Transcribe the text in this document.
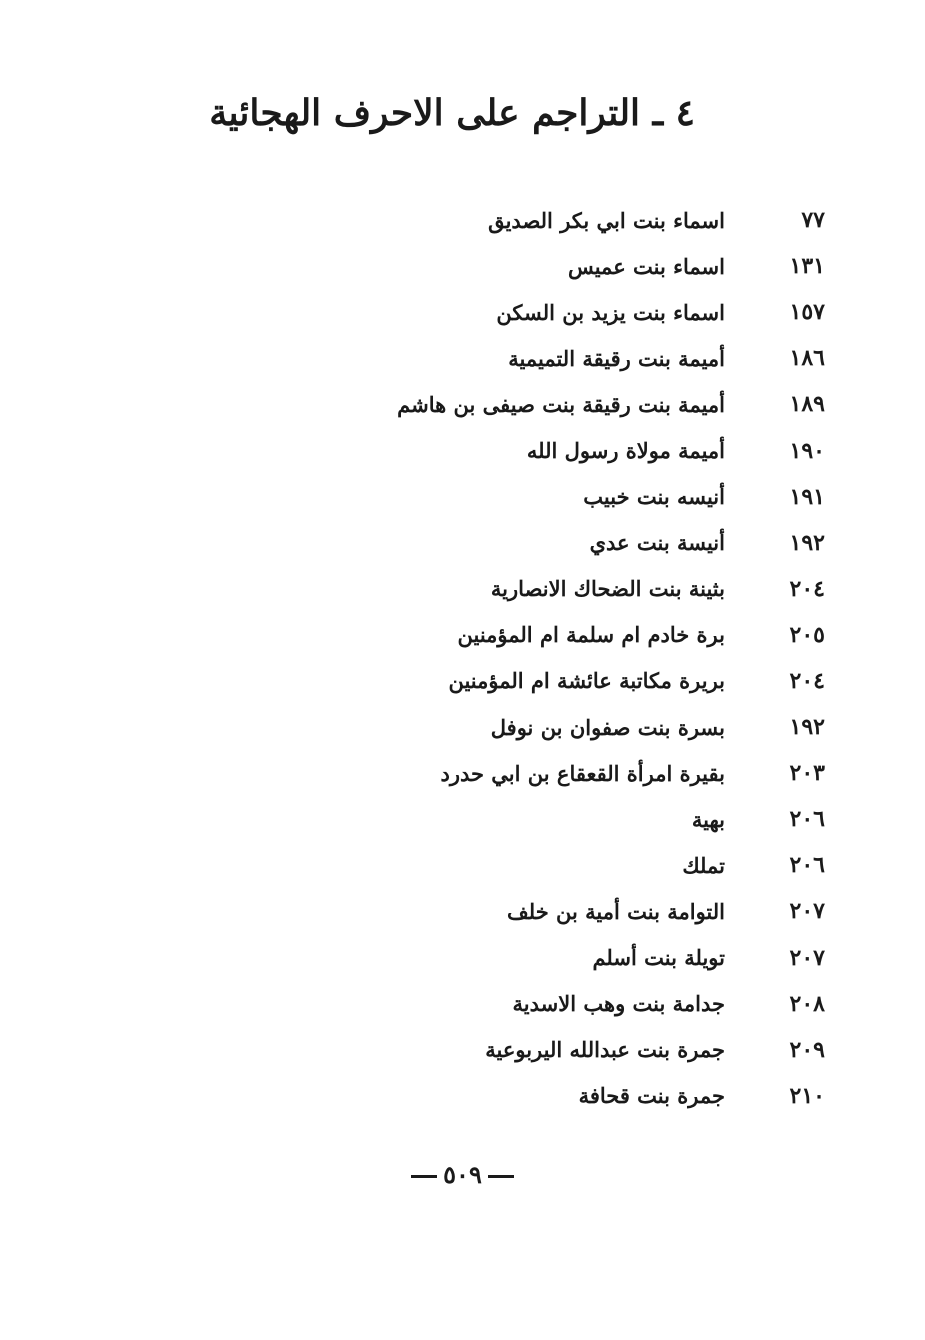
٤ ـ التراجم على الاحرف الهجائية
٧٧
اسماء بنت ابي بكر الصديق
١٣١
اسماء بنت عميس
١٥٧
اسماء بنت يزيد بن السكن
١٨٦
أميمة بنت رقيقة التميمية
١٨٩
أميمة بنت رقيقة بنت صيفى بن هاشم
١٩٠
أميمة مولاة رسول الله
١٩١
أنيسه بنت خبيب
١٩٢
أنيسة بنت عدي
٢٠٤
بثينة بنت الضحاك الانصارية
٢٠٥
برة خادم ام سلمة ام المؤمنين
٢٠٤
بريرة مكاتبة عائشة ام المؤمنين
١٩٢
بسرة بنت صفوان بن نوفل
٢٠٣
بقيرة امرأة القعقاع بن ابي حدرد
٢٠٦
بهية
٢٠٦
تملك
٢٠٧
التوامة بنت أمية بن خلف
٢٠٧
تويلة بنت أسلم
٢٠٨
جدامة بنت وهب الاسدية
٢٠٩
جمرة بنت عبدالله اليربوعية
٢١٠
جمرة بنت قحافة
٥٠٩
